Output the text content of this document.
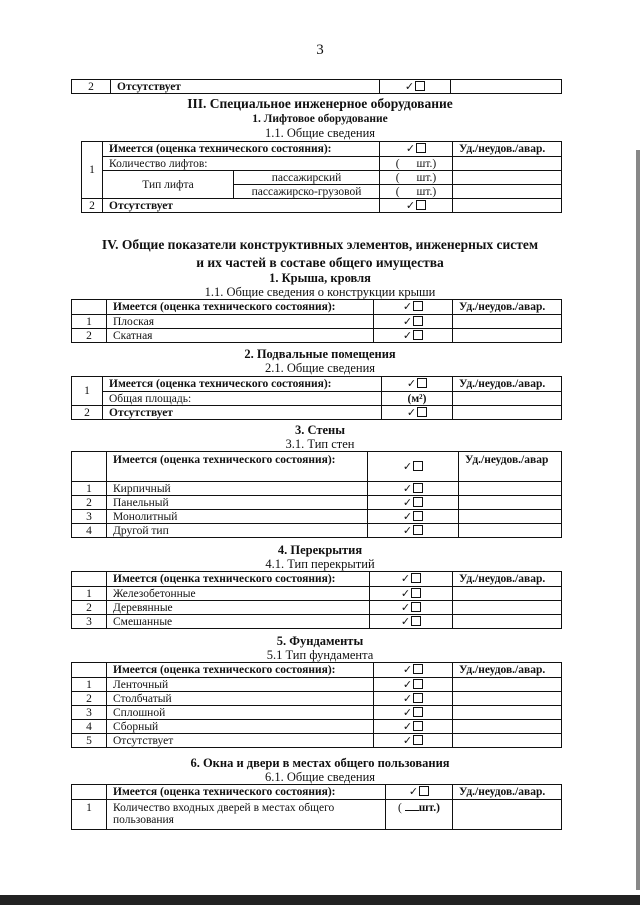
3
2	Отсутствует	✓	
III. Специальное инженерное оборудование
1. Лифтовое оборудование
1.1. Общие сведения
1	Имеется (оценка технического состояния):		✓	Уд./неудов./авар.
	Количество лифтов:		( шт.)	
	Тип лифта	пассажирский	( шт.)	
		пассажирско-грузовой	( шт.)	
2	Отсутствует		✓	
IV. Общие показатели конструктивных элементов, инженерных систем
и их частей в составе общего имущества
1. Крыша, кровля
1.1. Общие сведения о конструкции крыши
	Имеется (оценка технического состояния):	✓	Уд./неудов./авар.
1	Плоская	✓	
2	Скатная	✓	
2. Подвальные помещения
2.1. Общие сведения
1	Имеется (оценка технического состояния):	✓	Уд./неудов./авар.
	Общая площадь:	(м²)	
2	Отсутствует	✓	
3. Стены
3.1. Тип стен
	Имеется (оценка технического состояния):	✓	Уд./неудов./авар
1	Кирпичный	✓	
2	Панельный	✓	
3	Монолитный	✓	
4	Другой тип	✓	
4. Перекрытия
4.1. Тип перекрытий
	Имеется (оценка технического состояния):	✓	Уд./неудов./авар.
1	Железобетонные	✓	
2	Деревянные	✓	
3	Смешанные	✓	
5. Фундаменты
5.1 Тип фундамента
	Имеется (оценка технического состояния):	✓	Уд./неудов./авар.
1	Ленточный	✓	
2	Столбчатый	✓	
3	Сплошной	✓	
4	Сборный	✓	
5	Отсутствует	✓	
6. Окна и двери в местах общего пользования
6.1. Общие сведения
	Имеется (оценка технического состояния):	✓	Уд./неудов./авар.
1	Количество входных дверей в местах общего пользования	( шт.)	
